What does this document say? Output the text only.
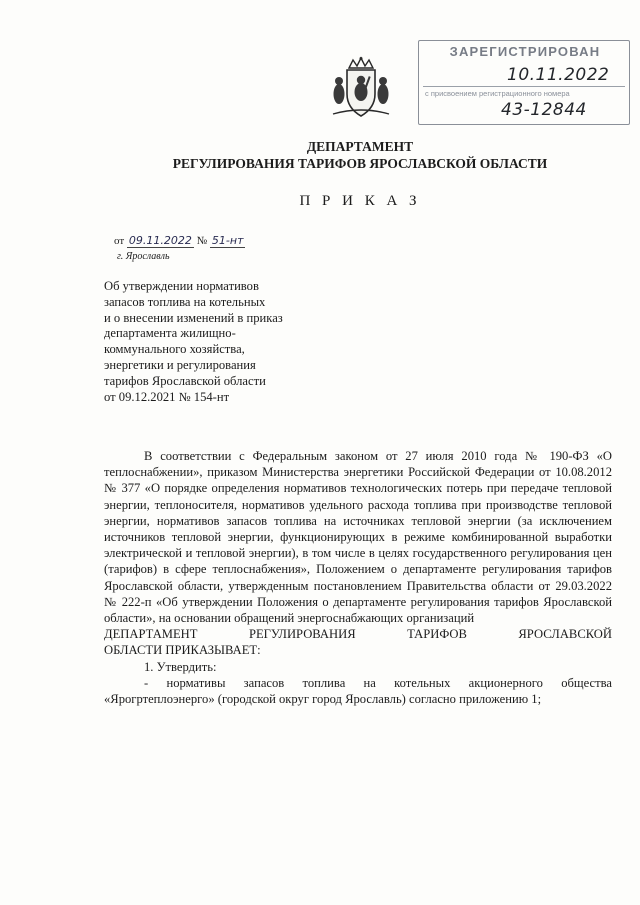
ЗАРЕГИСТРИРОВАН
10.11.2022
с присвоением регистрационного номера
43-12844
ДЕПАРТАМЕНТ
РЕГУЛИРОВАНИЯ ТАРИФОВ ЯРОСЛАВСКОЙ ОБЛАСТИ
П Р И К А З
от 09.11.2022 № 51-нт
г. Ярославль
Об утверждении нормативов
запасов топлива на котельных
и о внесении изменений в приказ
департамента жилищно-
коммунального хозяйства,
энергетики и регулирования
тарифов Ярославской области
от 09.12.2021 № 154-нт

В соответствии с Федеральным законом от 27 июля 2010 года № 190-ФЗ «О теплоснабжении», приказом Министерства энергетики Российской Федерации от 10.08.2012 № 377 «О порядке определения нормативов технологических потерь при передаче тепловой энергии, теплоносителя, нормативов удельного расхода топлива при производстве тепловой энергии, нормативов запасов топлива на источниках тепловой энергии (за исключением источников тепловой энергии, функционирующих в режиме комбинированной выработки электрической и тепловой энергии), в том числе в целях государственного регулирования цен (тарифов) в сфере теплоснабжения», Положением о департаменте регулирования тарифов Ярославской области, утвержденным постановлением Правительства области от 29.03.2022 № 222-п «Об утверждении Положения о департаменте регулирования тарифов Ярославской области», на основании обращений энергоснабжающих организаций

ДЕПАРТАМЕНТ РЕГУЛИРОВАНИЯ ТАРИФОВ ЯРОСЛАВСКОЙ

ОБЛАСТИ ПРИКАЗЫВАЕТ:

1. Утвердить:

- нормативы запасов топлива на котельных акционерного общества «Ярогртеплоэнерго» (городской округ город Ярославль) согласно приложению 1;
